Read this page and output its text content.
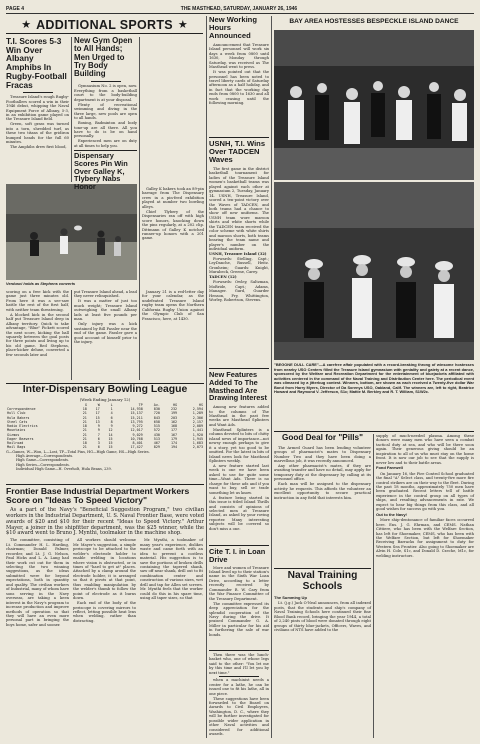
PAGE 4	THE MASTHEAD, SATURDAY, JANUARY 26, 1946
★ ADDITIONAL SPORTS ★
T.I. Scores 5-3 Win Over Albany Amphibs In Rugby-Football Fracas

Treasure Island's rough Rugby-Footballers scored a win in their 1946 debut, whipping the Naval Equipment Force of Albany, 5-3, in an exhibition game played on the Treasure Island field.

Green, soft grass was turned into a torn, shredded turf, as these two titans of the gridiron bumped heads for the full 60 minutes.

The Amphibs drew first blood,

Verdusci holds as Stephens converts

scoring on a free kick with the game just three minutes old. From here it was a see-saw battle the rest of the first half, with neither team threatening.

A blocked kick in the second half put Treasure Island deep in Albany territory. Quick to take advantage, "Blue" Pickett scored the next score, kicking the ball squarely between the goal posts for three points and living up to his old game. Red Stephens, place-kicker deluxe, converted a few seconds later and

New Gym Open to All Hands; Men Urged to Try Body Building

Gymnasium No. 2 is open, now. Everything from a basketball court to the body-building department is at your disposal.

Plenty of recreational swimming and diving in the three large, new pools are open to all hands.

Boxing, Badminton and body tone-up are all there. All you have to do is be on hand personally.

Experienced men are on duty at all times to help you.

Dispensary Scores Pin Win Over Galley K, Tlybery Nabs Honor	Galley K bakers took an 89-pin barrage from The Dispensary crew in a pin-feed exhibition played at number two bowling alleys.

Chief Tlybery of the Dispensaries ran off with high score honors, knocking down the pins regularly, at a 202 clip. Dittmann of Galley K notched runner-up honors with a 201 game.

put Treasure Island ahead, a lead they never relinquished.

It was a matter of just too much weight; Treasure Island outweighing the small Albany lads at least five pounds per man.

Only injury was a kick sustained by Bill Fassler near the end of the game. Fassler gave a good account of himself prior to the injury.

January 21 is a red-letter day for your calendar, as the undefeated Treasure Island rugby team opens the Northern California Rugby Union against the Olympic Club of San Francisco, here, at 1430.

Inter-Dispensary Bowling League
(Week Ending January 12)
	G	W	L	TP	Av.	HG	HS
Correspondence	18	17	1	14,938	830	232	2,594
Hull Club	21	17	4	15,137	720	199	1,289
Hula Bakers	21	15	6	15,211	843	203	2,306
Steel Cats	21	13	8	13,795	658	162	2,157
Radio Electrics	18	9	9	9,272	515	168	2,089
Mountains	21	9	12	12,017	572	177	1,441
Gizmos	21	7	14	9,029	430	167	1,920
Eager Beavers	21	6	15	10,768	513	179	1,945
Railroad	18	3	15	8,401	467	174	1,683
Mail Bags	21	6	15	17,427	829	194	2,073
G—Games, W—Won, L—Lost, TP—Total Pins, HG—High Game, HS—High Series.
High Average—Correspondents.
High Game—Correspondents.
High Series—Correspondents.
Individual High Game—H. Overholt, Hula Beans, 239.
Frontier Base Industrial Department Workers Score on "Ideas To Speed Victory"

As a part of the Navy's "Beneficial Suggestion Program," two civilian workers in the Industrial Department, U. S. Naval Frontier Base, were voted awards of $20 and $10 for their recent "Ideas to Speed Victory." Arthur Mayer, a joiner in the shipfitter department, was the $25 winner, while the $10 award went to Bruno J. Mynthi, toolmaker in the machine shop.

The committee, consisting of Lt. Commander H. L. Harding, chairman; Donald Palmer, recorder, and Lt. J. G. Nelson, Paul Hicks and L. A. Lang had their work cut out for them in selecting the two winning suggestions, as the ideas submitted were for beyond expectations, both in quantity and quality. The civilian workers of Industrial, many of whom have sons serving in the Navy overseas, are taking a keen interest in the Navy's program to increase production and improve methods of operation so that they will have an even more personal part in bringing the boys home, safer and sooner.

All workers should welcome Mr. Mayer's suggestion, a simple periscope to be attached to the welder's electrode holder to enable welding in locations where vision is obstructed, or in times of "hard to get at" places. Attached by a clamp around the electrode holder, it is arranged so that it pivots at that point, thus enabling manipulation by the welder's thumb to follow the point of electrode as it burns down.

Each end of the body of the periscope is covering mirrors to reflect, letting possible heat lens when welding, rather than distracting.

Mr. Mynthi, a toolmaker of many year's experience, dislikes waste and came forth with an idea to prevent a costless material. His suggestion is to save the portions of broken drills containing the tapered shank, saw off near shank, drill out to fit combination center and construction of various sizes, wet drill and tap for Allen set screws. Mr. Mynthi feels that the worker could do this in his spare time, using all taper sizes, so that

New Working Hours Announced

Announcement that Treasure Island personnel will work six days a week from 0800 until 1630, Monday through Saturday, was received as The Masthead went to press.

It was pointed out that the personnel has been noted to travel liberty cards of Saturday afternoon as a half holiday, and in fact that the working day ends from 0800 to 1630 and all work ceasing until the following morning.

USNH, T.I. Wins Over TADCEN Waves

The first game in the district basketball tournament for ladies of the Treasure Island women's basketball teams was played against each other at gymnasium 2, Tuesday, January 14. USNH, Treasure Island, scored a ten-point victory over the Waves of TADCEN, and both teams had a chance to show off new uniforms. The USNH team wore maroon shirts and white shorts while the TADCEN team received the color scheme with white shirts and maroon shorts, both teams bearing the team name and player's number on the individual uniform.

USNH, Treasure Island (32)

Forwards: Stelling, Capt.; LeyDanche, Russell, Heitz. Gronheim; Guards: Knight, Murabeck, Greene, Carey.

TADCEN (12)

Forwards: Owley, Saltzman, MoBride, Capt.; Adams, Manager. Gurd, Guarder Henson, Fry, Whittington, Worley, Robertson, Stevens.

New Features Added To The Masthead Are Drawing Interest

Among new features added to the columns of The Masthead in the past few weeks are Masthead Splinters and Want Ads.

Masthead Splinters is a column devoted to bits of chitty island news of importance—not newsy enough perhaps to give it a story, yet too good to be omitted. For the latest in bits of Island news look for Masthead Splinters weekly.

A new feature started last week is one we have been asked to use for quite some time—Want Ads. There is no charge for these ads and if you want to buy, sell or trade something let us know.

A feature being started in this issue is titled Island Thrills and consists of opinions of selected men at Treasure Island, as asked by your roving reporter. Many interesting subjects will be covered so don't miss a one.

Cite T. I. in Loan Drive

More and women of Treasure Island lived up to their station's name in the Sixth War Loan Drive, according to a letter recently received by Commander R. W. Cary from the War Finance Committee of the Treasury Department.

The committee expressed its deep appreciation for the splendid cooperation of the Navy during the drive. It praised Commander G. A. Miller in particular for his aid in furthering the sale of war bonds.

Then there was the lunch-basket who, one of whose legs said to the other: "You let me by this time and I'll let you by next time."

when a machinist needs a center for a lathe, he can be issued one to fit his lathe, all in one piece.

These suggestions have been forwarded to the Board on Awards to Civil Employees, Washington, D. C., where they will be further investigated for possible wider application in other Naval activities and considered for additional awards.

BAY AREA HOSTESSES BESPECKLE ISLAND DANCE
"BEGONE DULL CARE"—A carefree affair populated with a record-breaking throng of winsome hostesses from nearby USO Centers filled the Treasure Island gymnasium with geniality and gaiety at a recent dance, sponsored by the Welfare and Recreation Department for the entertainment of bluejackets affiliated with activities centered in the command of the Naval Training and Distribution Center here. The periodical event was climaxed by a jitterbug contest. Winners, bottom, are shown as each received a Twenty-five dollar War Bond from Harry Myers, Director of Da Sorenys USO, Oakland, Calif. The winners are, left to right, Beatrice Howard and Raymond V. Jefferson, S1c; Mattie M. Berkley and R. T. William, S1W2c.
Good Deal for "Pills"

The Armed Guard has been lending volunteer groups of pharmacist's mates to Dispensary Number Two and they have been doing a marvellous job, it was recently announced.

Any other pharmacist's mates, if they are awaiting transfer and have no detail, may apply for temporary duty at the dispensary by calling at its personnel office.

Each man will be assigned to the dispensary activity he requests. This affords the volunteer an excellent opportunity to secure practical instruction in any field that interests him.

Naval Training Schools
The Summing Up

Lt. (j.g.) Jack O'Neal announces, from all indexed posts, that the students and ship's company of Naval Training Schools here continued their fine Blood Bank record, bringing the year 1944, a total of 2,240 pints of blood were donated through eight groups of thirty blue-jackets, Officers, Waves, and civilians of NTS have added to the

supply of much-needed plasma. Among these donors were many men who have seen a combat tactical duty at sea, and who will be there soon again. Their generous giving should be an inspiration to all of us who must stay on the home front. It is now our job to see that the supply is never low and to their battle areas.

Fond Farewell

On January 16, the Fire Control School graduated the final "A" Select class, and twenty-five more fire control strikers are on their way to the fleet. During the past 18 months, approximately 750 men have been graduated. Recent letters tell of battle experience in the control group on all types of ships, and resulting advancements in rate. We expect to hear big things from this class, and all good wishes for success go with you.

Out to the Navy!

More ship-dentonance of familiar faces occurred here. Ens. J. G. Ehrman, and CEMS. Nathan Cittiere, who has been with the Welfare Section, has left for Shoemaker, CEMS, who has been with the Welfare Section, but left for Shoemaker Receiving Barracks for assignment to duty for Western Sea Frontier. Also going to Shoemaker are Alvin H. Cole, S1c, and Donald D. Czeche, M1c, for welding instructors.
